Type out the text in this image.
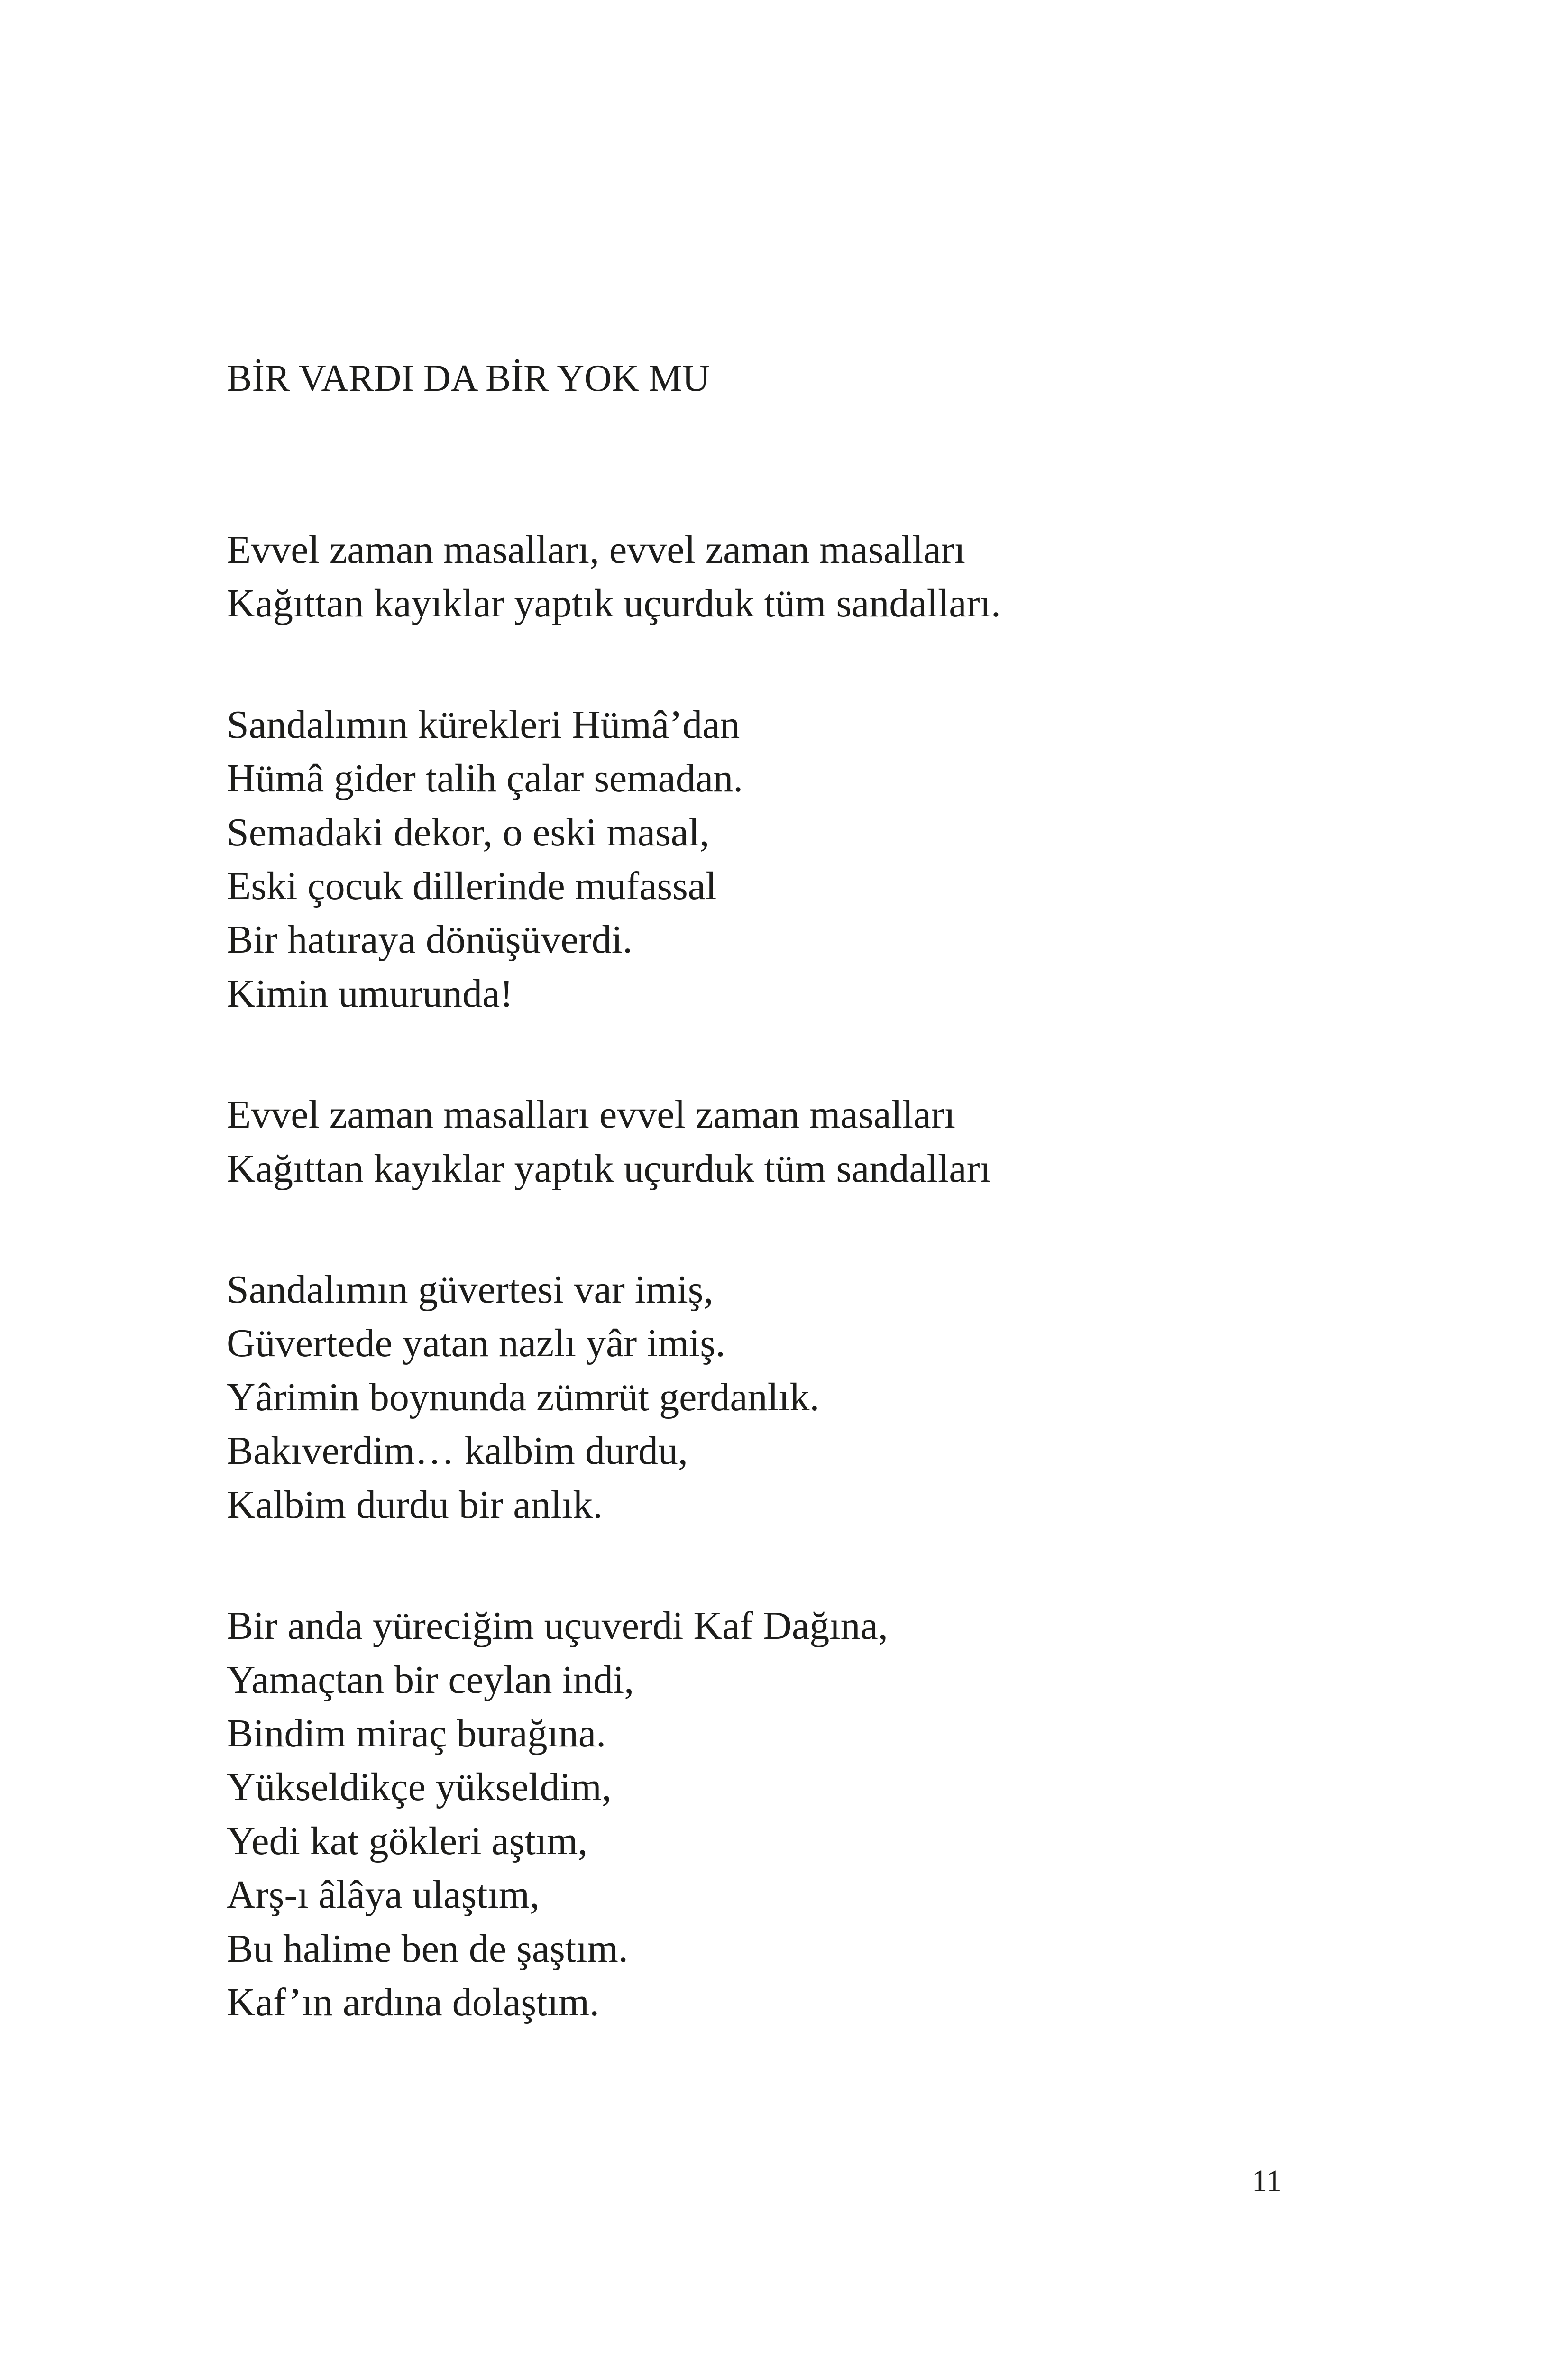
BİR VARDI DA BİR YOK MU
Evvel zaman masalları, evvel zaman masalları
Kağıttan kayıklar yaptık uçurduk tüm sandalları.
Sandalımın kürekleri Hümâ’dan
Hümâ gider talih çalar semadan.
Semadaki dekor, o eski masal,
Eski çocuk dillerinde mufassal
Bir hatıraya dönüşüverdi.
Kimin umurunda!
Evvel zaman masalları evvel zaman masalları
Kağıttan kayıklar yaptık uçurduk tüm sandalları
Sandalımın güvertesi var imiş,
Güvertede yatan nazlı yâr imiş.
Yârimin boynunda zümrüt gerdanlık.
Bakıverdim… kalbim durdu,
Kalbim durdu bir anlık.
Bir anda yüreciğim uçuverdi Kaf Dağına,
Yamaçtan bir ceylan indi,
Bindim miraç burağına.
Yükseldikçe yükseldim,
Yedi kat gökleri aştım,
Arş-ı âlâya ulaştım,
Bu halime ben de şaştım.
Kaf’ın ardına dolaştım.
11
